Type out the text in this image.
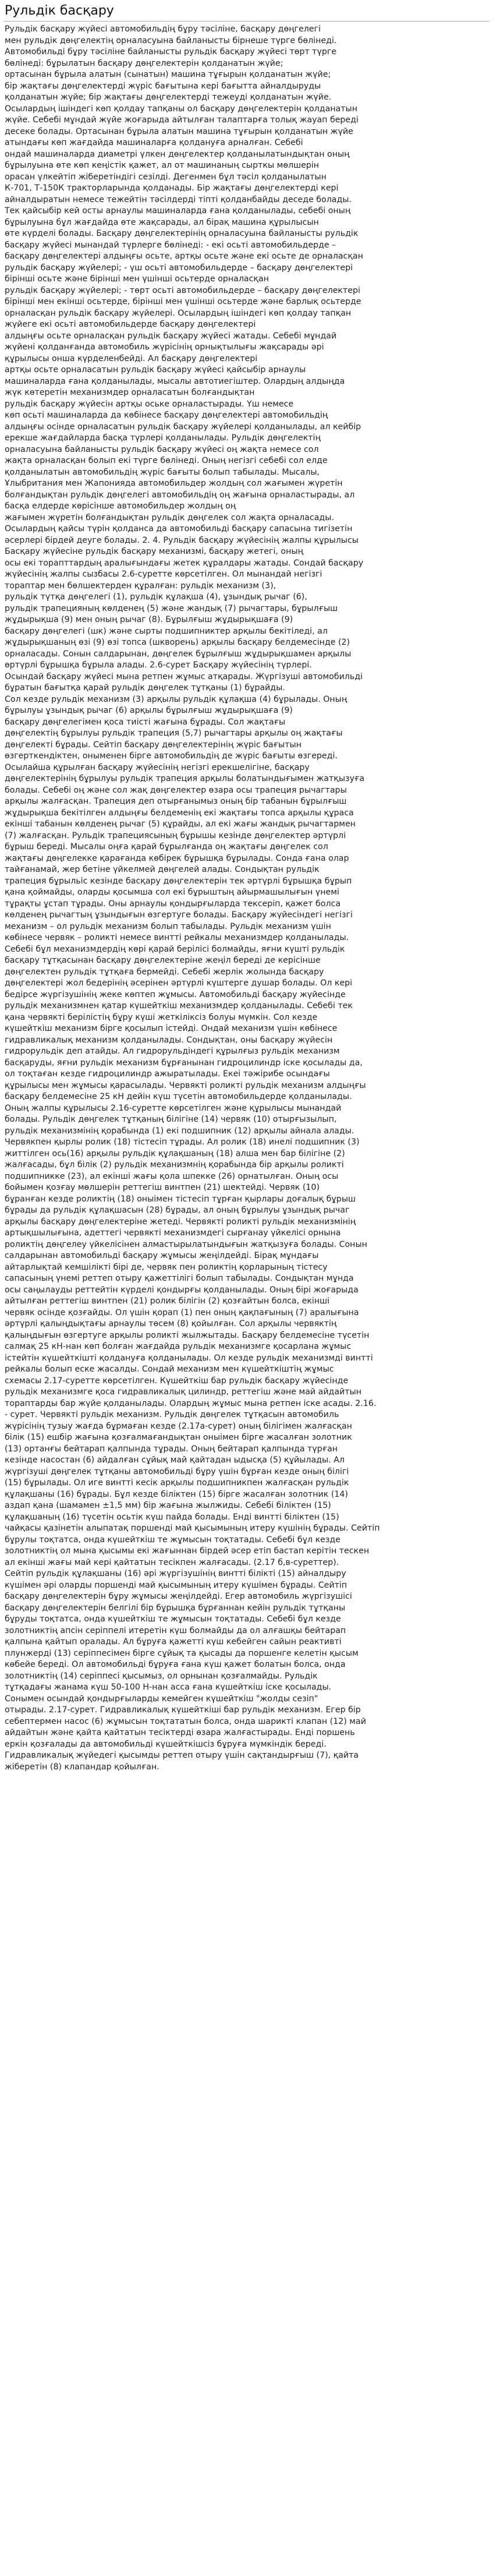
Рульдік басқару
Рульдік басқару жүйесі автомобильдің бұру тәсіліне, басқару дөңгелегі
мен рульдік дөңгелектің орналасуына байланысты бірнеше түрге бөлінеді.
Автомобильді бұру тәсіліне байланысты рульдік басқару жүйесі төрт түрге
бөлінеді: бұрылатын басқару дөңгелектерін қолданатын жүйе;
ортасынан бұрыла алатын (сынатын) машина тұғырын қолданатын жүйе;
бір жақтағы дөңгелектерді жүріс бағытына кері бағытта айналдыруды
қолданатын жүйе; бір жақтағы дөңгелектерді тежеуді қолданатын жүйе.
Осылардың ішіндегі көп қолдау тапқаны ол басқару дөңгелектерін қолданатын
жүйе. Себебі мұндай жүйе жоғарыда айтылған талаптарға толық жауап береді
десеке болады. Ортасынан бұрыла алатын машина тұғырын қолданатын жүйе
атындағы көп жағдайда машиналарға қолдануға арналған. Себебі
ондай машиналарда диаметрі үлкен дөңгелектер қолданылатындықтан оның
бұрылуына өте көп кеңістік қажет, ал от машинаның сырткы мөлшерін
орасан үлкейтіп жіберетіндігі сезілді. Дегенмен бұл тәсіл қолданылатын
К-701, Т-150К тракторларында қолданады. Бір жақтағы дөңгелектерді кері
айналдыратын немесе тежейтін тәсілдерді тіпті қолданбайды деседе болады.
Тек қайсыбір кей осты арнаулы машиналарда ғана қолданылады, себебі оның
бұрылуына бұл жағдайда өте жақсарады, ал бірақ машина құрылысын
өте күрделі болады. Басқару дөңгелектерінің орналасуына байланысты рульдік
басқару жүйесі мынандай түрлерге бөлінеді: - екі осьті автомобильдерде –
басқару дөңгелектері алдыңғы осьте, артқы осьте және екі осьте де орналасқан
рульдік басқару жүйелері; - үш осьті автомобильдерде – басқару дөңгелектері
бірінші осьте және бірінші мен үшінші осьтерде орналасқан
рульдік басқару жүйелері; - төрт осьті автомобильдерде – басқару дөңгелектері
бірінші мен екінші осьтерде, бірінші мен үшінші осьтерде және барлық осьтерде
орналасқан рульдік басқару жүйелері. Осылардың ішіндегі көп қолдау тапқан
жүйеге екі осьті автомобильдерде басқару дөңгелектері
алдыңғы осьте орналасқан рульдік басқару жүйесі жатады. Себебі мұндай
жүйені қолданғанда автомобиль жүрісінің орнықтылығы жақсарады әрі
құрылысы онша күрделенбейді. Ал басқару дөңгелектері
артқы осьте орналасатын рульдік басқару жүйесі қайсыбір арнаулы
машиналарда ғана қолданылады, мысалы автотиегіштер. Олардың алдыңда
жүк көтеретін механизмдер орналасатын болғандықтан
рульдік басқару жүйесін артқы оське орналастырады. Үш немесе
көп осьті машиналарда да көбінесе басқару дөңгелектері автомобильдің
алдыңғы осінде орналасатын рульдік басқару жүйелері қолданылады, ал кейбір
ерекше жағдайларда басқа түрлері қолданылады. Рульдік дөңгелектің
орналасуына байланысты рульдік басқару жүйесі оң жақта немесе сол
жақта орналасқан болып екі түрге бөлінеді. Оның негізгі себебі сол елде
қолданылатын автомобильдің жүріс бағыты болып табылады. Мысалы,
Ұлыбритания мен Жапонияда автомобильдер жолдың сол жағымен жүретін
болғандықтан рульдік дөңгелегі автомобильдің оң жағына орналастырады, ал
басқа елдерде көрісінше автомобильдер жолдың оң
жағымен жүретін болғандықтан рульдік дөңгелек сол жақта орналасады.
Осылардың қайсы түрін қолданса да автомобильді басқару сапасына тигізетін
әсерлері бірдей деуге болады. 2. 4. Рульдік басқару жүйесінің жалпы құрылысы
Басқару жүйесіне рульдік басқару механизмі, басқару жетегі, оның
осы екі торапттардың аралығындағы жетек құралдары жатады. Сондай басқару
жүйесінің жалпы сызбасы 2.6-суретте көрсетілген. Ол мынандай негізгі
тораптар мен бөлшектерден құралған: рульдік механизм (3),
рульдік түтқа дөңгелегі (1), рульдік құлақша (4), ұзындық рычаг (6),
рульдік трапецияның көлденең (5) және жандық (7) рычагтары, бұрылғыш
жұдырықша (9) мен оның рычаг (8). Бұрылғыш жұдырықшаға (9)
басқару дөңгелегі (шк) және сырты подшипниктер арқылы бекітіледі, ал
жұдырықшаның өзі (9) өзі топса (шкворень) арқылы басқару белдемесінде (2)
орналасады. Сонын салдарынан, дөңгелек бұрылғыш жұдырықшамен арқылы
өртүрлі бұрышқа бұрыла алады. 2.6-сурет Басқару жүйесінің түрлері.
Осындай басқару жүйесі мына ретпен жұмыс атқарады. Жүргізуші автомобильді
бұратын бағытқа қарай рульдік дөңгелек тұтқаны (1) бұрайды.
Сол кезде рульдік механизм (3) арқылы рульдік құлақша (4) бұрылады. Оның
бұрылуы ұзындық рычаг (6) арқылы бұрылғыш жұдырықшаға (9)
басқару дөңгелегімен қоса тиісті жағына бұрады. Сол жақтағы
дөңгелектің бұрылуы рульдік трапеция (5,7) рычагтары арқылы оң жақтағы
дөңгелекті бұрады. Сейтіп басқару дөңгелектерінің жүріс бағытын
өзгерткендіктен, оныменен бірге автомобильдің де жүріс бағыты өзгереді.
Осылайша құрылған басқару жүйесінің негізгі ерекшелігіне, басқару
дөңгелектерінің бұрылуы рульдік трапеция арқылы болатындығымен жатқызуға
болады. Себебі оң және сол жақ дөңгелектер өзара осы трапеция рычагтары
арқылы жалғасқан. Трапеция деп отырғанымыз оның бір табанын бұрылғыш
жұдырықша бекітілген алдыңғы белдеменің екі жақтағы топса арқылы құраса
екінші табанын көлденең рычаг (5) құрайды, ал екі жағы жандық рычагтармен
(7) жалғасқан. Рульдік трапециясының бұрышы кезінде дөңгелектер әртүрлі
бұрыш береді. Мысалы оңға қарай бұрылғанда оң жақтағы дөңгелек сол
жақтағы дөңгелекке қарағанда көбірек бұрышқа бұрылады. Сонда ғана олар
тайғанамай, жер бетіне үйкелмей дөңгелей алады. Сондықтан рульдік
трапеция бұрыльіс кезінде басқару дөңгелектерін тек әртүрлі бұрышқа бұрып
қана қоймайды, оларды қосымша сол екі бұрыштың айырмашылығын үнемі
тұрақты ұстап тұрады. Оны арнаулы қондырғыларда тексеріп, қажет болса
көлденең рычагтың ұзындығын өзгертуге болады. Басқару жүйесіндегі негізгі
механизм – ол рульдік механизм болып табылады. Рульдік механизм үшін
көбінесе червяк – роликті немесе винтті рейкалы механизмдер қолданылады.
Себебі бұл механизмдердің көрі қарай берілісі болмайды, яғни күшті рульдік
басқару тұтқасынан басқару дөңгелектеріне жеңіл береді де керісінше
дөңгелектен рульдік тұтқаға бермейді. Себебі жерлік жолында басқару
дөңгелектері жол бедерінің әсерінен әртүрлі күштерге душар болады. Ол кері
бедірсе жүргізушінің жеке көптеп жұмысы. Автомобильді басқару жүйесінде
рульдік механизмнен қатар күшейткіш механизмдер қолданылады. Себебі тек
қана червякті берілістің бұру күші жеткіліксіз болуы мүмкін. Сол кезде
күшейткіш механизм бірге қосылып істейді. Ондай механизм үшін көбінесе
гидравликалық механизм қолданылады. Сондықтан, оны басқару жүйесін
гидрорульдік деп атайды. Ал гидрорульдіндегі құрылғыз рульдік механизм
басқаруды, яғни рульдік механизм бұрғанынан гидроцилиндр іске қосылады да,
ол тоқтаған кезде гидроцилиндр ажыратылады. Екеі тәжірибе осындағы
құрылысы мен жұмысы қарасылады. Червякті роликті рульдік механизм алдыңғы
басқару белдемесіне 25 кН дейін күш түсетін автомобильдерде қолданылады.
Оның жалпы құрылысы 2.16-суретте көрсетілген және құрылысы мынандай
болады. Рульдік дөңгелек тұтқаның білігіне (14) червяк (10) отырғызылып,
рульдік механизмінің қорабында (1) екі подшипник (12) арқылы айнала алады.
Червякпен қырлы ролик (18) тістесіп тұрады. Ал ролик (18) инелі подшипник (3)
життілген ось(16) арқылы рульдік құлақшаның (18) алша мен бар білігіне (2)
жалғасады, бұл білік (2) рульдік механизмнің қорабында бір арқылы роликті
подшипникке (23), ал екінші жағы қола шпекке (26) орнатылған. Оның осы
бойымен қозғау мөлшерін реттегіш винтпен (21) шектейді. Червяк (10)
бұранған кезде роликтің (18) оныімен тістесіп тұрған қырлары доғалық бұрыш
бұрады да рульдік құлақшасын (28) бұрады, ал оның бұрылуы ұзындық рычаг
арқылы басқару дөңгелектеріне жетеді. Червякті роликті рульдік механизмінің
артықшылығына, адеттегі червякті механизмдегі сырғанау үйкелісі орнына
роликтің дөңгелеу үйкелісінен алмастырылатындығын жатқызуға болады. Сонын
салдарынан автомобильді басқару жұмысы жеңілдейді. Бірақ мұндағы
айтарлықтай кемшілікті бірі де, червяк пен роликтің қорларының тістесу
сапасының үнемі реттеп отыру қажеттілігі болып табылады. Сондықтан мұнда
осы саңылауды реттейтін күрделі қондырғы қолданылады. Оның бірі жоғарыда
айтылған реттегіш винтпен (21) ролик білігін (2) қозғайтын болса, екінші
червяк осінде қозғайды. Ол үшін қорап (1) пен оның қақпағының (7) аралығына
әртүрлі қалыңдықтағы арнаулы төсем (8) қойылған. Сол арқылы червяктің
қалыңдығын өзгертуге арқылы роликті жылжытады. Басқару белдемесіне түсетін
салмақ 25 кН-нан көп болған жағдайда рульдік механизмге қосарлана жұмыс
істейтін күшейткішті қолдануға қолданылады. Ол кезде рульдік механизмді винтті
рейкалы болып еске жасалды. Сондай механизм мен күшейткіштің жұмыс
схемасы 2.17-суретте көрсетілген. Күшейткіш бар рульдік басқару жүйесінде
рульдік механизмге қоса гидравликалық цилиндр, реттегіш және май айдайтын
тораптарды бар жүйе қолданылады. Олардың жұмыс мына ретпен іске асады. 2.16.
- сурет. Червякті рульдік механизм. Рульдік дөңгелек тұтқасын автомобиль
жүрісінің тузыу жағда бұрмаған кезде (2.17а-сурет) оның білігімен жалғасқан
білік (15) ешбір жағына қозғалмағандықтан оныімен бірге жасалған золотник
(13) ортанғы бейтарап қалпында тұрады. Оның бейтарап қалпында түрған
кезінде насостан (6) айдалған сұйық май қайтадан ыдысқа (5) құйылады. Ал
жүргізуші дөңгелек тұтқаны автомобильді бұру үшін бұрған кезде оның білігі
(15) бұрылады. Ол иге винтті кесік арқылы подшипникпен жалғасқан рульдік
құлақшаны (16) бұрады. Бұл кезде біліктен (15) бірге жасалған золотник (14)
аздап қана (шамамен ±1,5 мм) бір жағына жылжиды. Себебі біліктен (15)
құлақшаның (16) түсетін осьтік күш пайда болады. Енді винтті біліктен (15)
чайқасы қазінетін алыпатақ поршенді май қысымының итеру күшінің бұрады. Сейтіп
бұрулы тоқтатса, онда күшейткіш те жұмысын тоқтатады. Себебі бұл кезде
золотниктің ол мына қысымы екі жағыннан бірдей әсер етіп бастап керітін тескен
ал екінші жағы май кері қайтатын тесікпен жалғасады. (2.17 б,в-суреттер).
Сейтіп рульдік құлақшаны (16) әрі жүргізушінің винтті білікті (15) айналдыру
күшімен әрі оларды поршенді май қысымының итеру күшімен бұрады. Сейтіп
басқару дөңгелектерін бұру жұмысы жеңілдейді. Егер автомобиль жүргізушісі
басқару дөңгелектерін белгілі бір бұрышқа бұрғаннан кейін рульдік тұтқаны
бұруды тоқтатса, онда күшейткіш те жұмысын тоқтатады. Себебі бұл кезде
золотниктің апсін серіппелі итеретін күш болмайды да ол алғашқы бейтарап
қалпына қайтып оралады. Ал бұруға қажетті күш кебейген сайын реактивті
плунжерді (13) серіппесімен бірге сұйық та қысады да поршенге келетін қысым
көбейе береді. Ол автомобильді бұруға ғана күш қажет болатын болса, онда
золотниктің (14) серіппесі қысымыз, ол орнынан қозғалмайды. Рульдік
тұтқадағы жанама күш 50-100 Н-нан асса ғана күшейткіш іске қосылады.
Сонымен осындай қондырғыларды кемейген күшейткіш "жолды сезіп"
отырады. 2.17-сурет. Гидравликалық күшейткіші бар рульдік механизм. Егер бір
себептермен насос (6) жұмысын тоқтататын болса, онда шарикті клапан (12) май
айдайтын және қайта қайтатын тесіктерді өзара жалғастырады. Енді поршень
еркін қозғалады да автомобильді күшейткішсіз бұруға мүмкіндік береді.
Гидравликалық жүйедегі қысымды реттеп отыру үшін сақтандырғыш (7), қайта
жіберетін (8) клапандар қойылған.
